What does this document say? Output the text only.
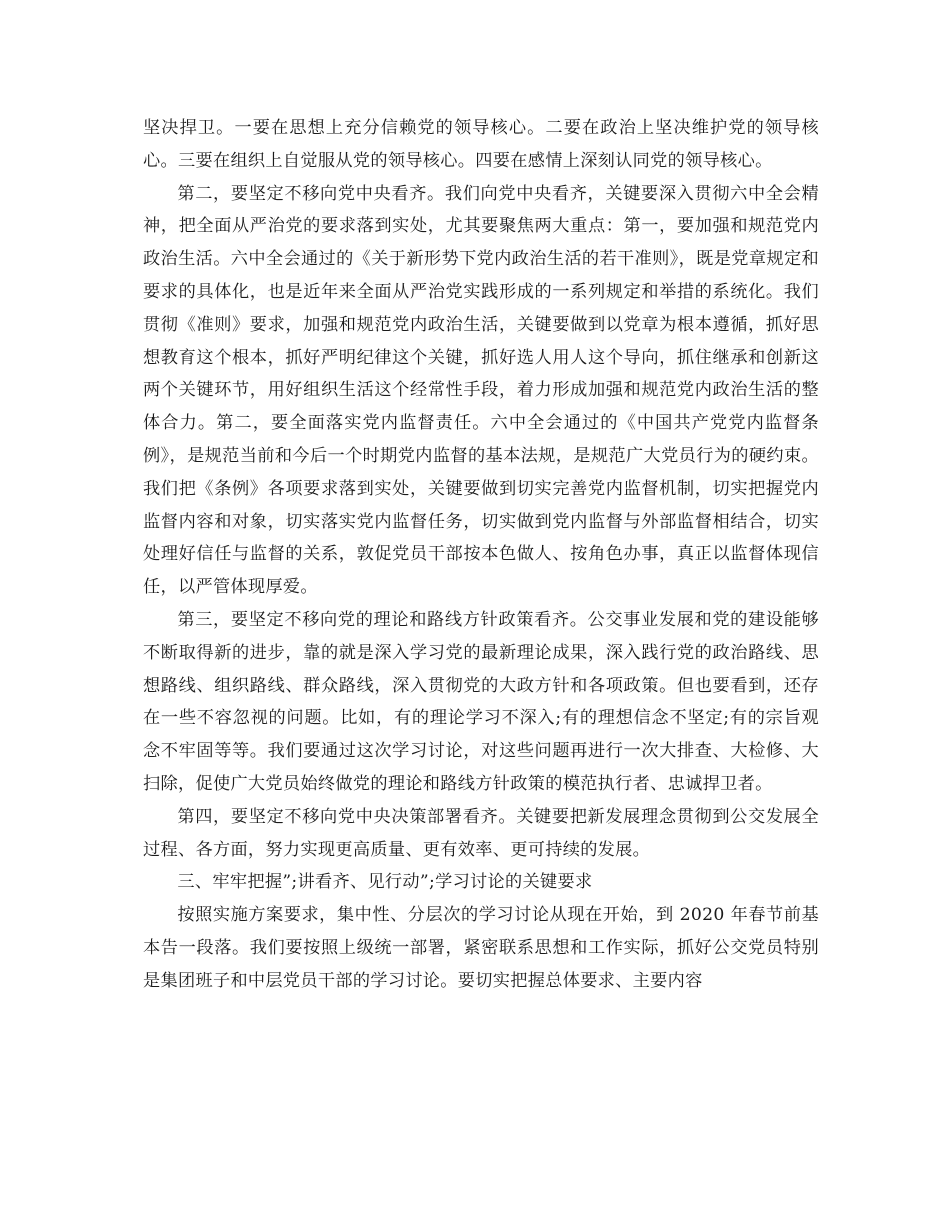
坚决捍卫。一要在思想上充分信赖党的领导核心。二要在政治上坚决维护党的领导核心。三要在组织上自觉服从党的领导核心。四要在感情上深刻认同党的领导核心。

第二，要坚定不移向党中央看齐。我们向党中央看齐，关键要深入贯彻六中全会精神，把全面从严治党的要求落到实处，尤其要聚焦两大重点：第一，要加强和规范党内政治生活。六中全会通过的《关于新形势下党内政治生活的若干准则》，既是党章规定和要求的具体化，也是近年来全面从严治党实践形成的一系列规定和举措的系统化。我们贯彻《准则》要求，加强和规范党内政治生活，关键要做到以党章为根本遵循，抓好思想教育这个根本，抓好严明纪律这个关键，抓好选人用人这个导向，抓住继承和创新这两个关键环节，用好组织生活这个经常性手段，着力形成加强和规范党内政治生活的整体合力。第二，要全面落实党内监督责任。六中全会通过的《中国共产党党内监督条例》，是规范当前和今后一个时期党内监督的基本法规，是规范广大党员行为的硬约束。我们把《条例》各项要求落到实处，关键要做到切实完善党内监督机制，切实把握党内监督内容和对象，切实落实党内监督任务，切实做到党内监督与外部监督相结合，切实处理好信任与监督的关系，敦促党员干部按本色做人、按角色办事，真正以监督体现信任，以严管体现厚爱。

第三，要坚定不移向党的理论和路线方针政策看齐。公交事业发展和党的建设能够不断取得新的进步，靠的就是深入学习党的最新理论成果，深入践行党的政治路线、思想路线、组织路线、群众路线，深入贯彻党的大政方针和各项政策。但也要看到，还存在一些不容忽视的问题。比如，有的理论学习不深入;有的理想信念不坚定;有的宗旨观念不牢固等等。我们要通过这次学习讨论，对这些问题再进行一次大排查、大检修、大扫除，促使广大党员始终做党的理论和路线方针政策的模范执行者、忠诚捍卫者。

第四，要坚定不移向党中央决策部署看齐。关键要把新发展理念贯彻到公交发展全过程、各方面，努力实现更高质量、更有效率、更可持续的发展。

三、牢牢把握”;讲看齐、见行动”;学习讨论的关键要求

按照实施方案要求，集中性、分层次的学习讨论从现在开始，到 2020 年春节前基本告一段落。我们要按照上级统一部署，紧密联系思想和工作实际，抓好公交党员特别是集团班子和中层党员干部的学习讨论。要切实把握总体要求、主要内容
